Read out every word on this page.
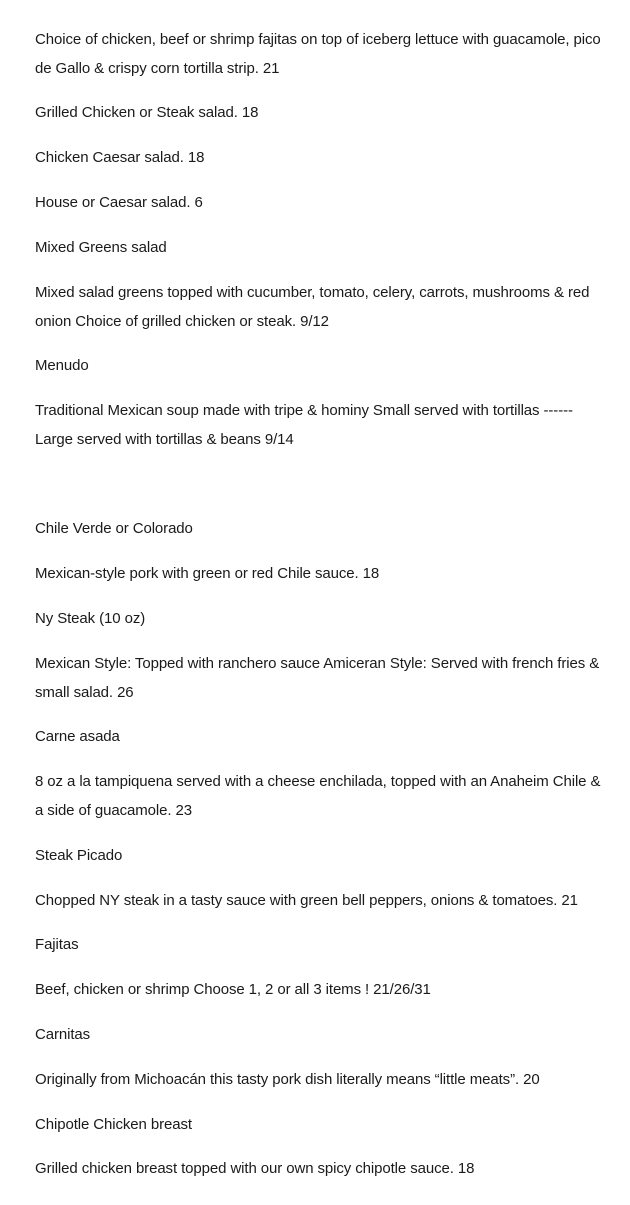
Choice of chicken, beef or shrimp fajitas on top of iceberg lettuce with guacamole, pico de Gallo & crispy corn tortilla strip. 21

Grilled Chicken or Steak salad. 18

Chicken Caesar salad. 18

House or Caesar salad. 6

Mixed Greens salad

Mixed salad greens topped with cucumber, tomato, celery, carrots, mushrooms & red onion Choice of grilled chicken or steak. 9/12

Menudo

Traditional Mexican soup made with tripe & hominy Small served with tortillas ------ Large served with tortillas & beans 9/14

Chile Verde or Colorado

Mexican-style pork with green or red Chile sauce. 18

Ny Steak (10 oz)

Mexican Style: Topped with ranchero sauce Amiceran Style: Served with french fries & small salad. 26

Carne asada

8 oz a la tampiquena served with a cheese enchilada, topped with an Anaheim Chile & a side of guacamole. 23

Steak Picado

Chopped NY steak in a tasty sauce with green bell peppers, onions & tomatoes. 21

Fajitas

Beef, chicken or shrimp Choose 1, 2 or all 3 items ! 21/26/31

Carnitas

Originally from Michoacán this tasty pork dish literally means “little meats”. 20

Chipotle Chicken breast

Grilled chicken breast topped with our own spicy chipotle sauce. 18
